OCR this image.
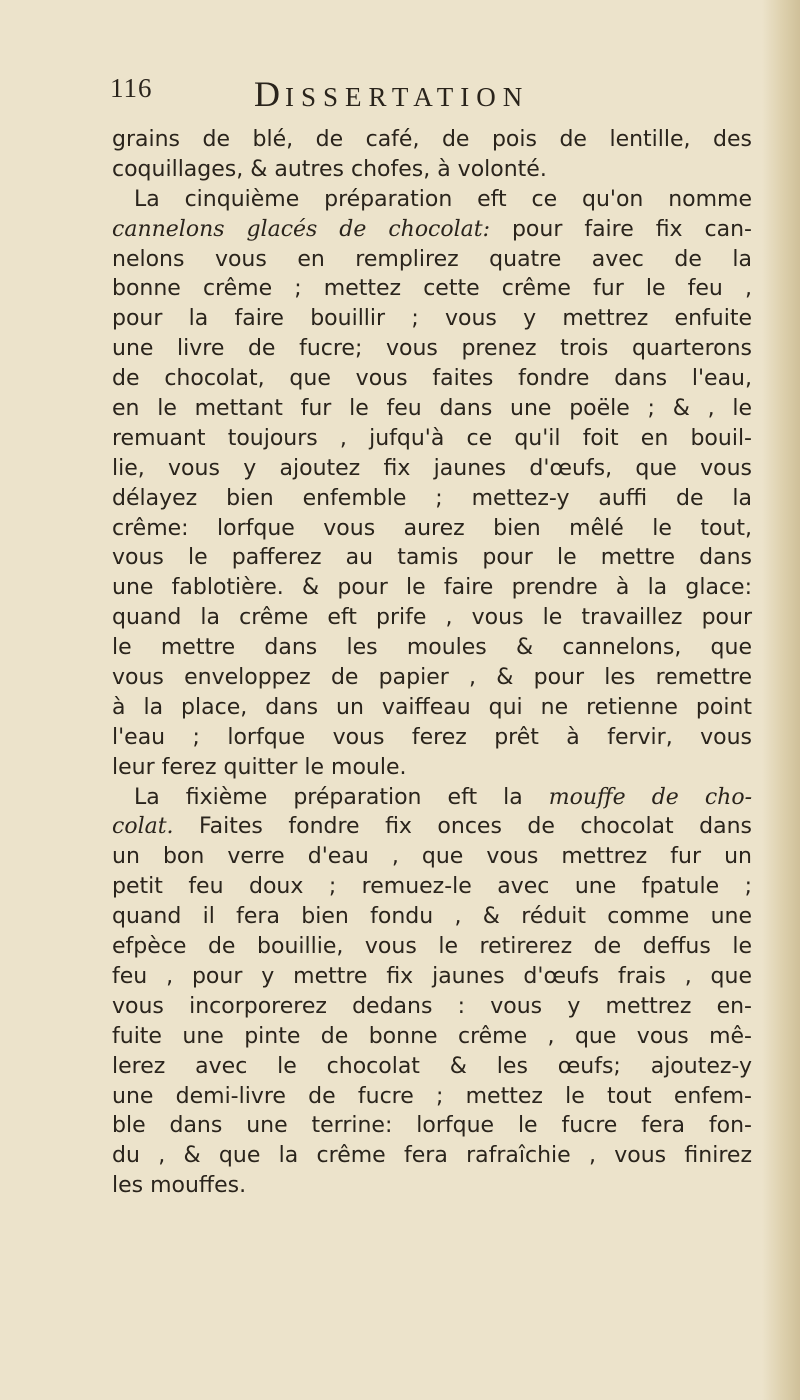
116	DISSERTATION
grains de blé, de café, de pois de lentille, des
coquillages, & autres chofes, à volonté.
La cinquième préparation eft ce qu'on nomme
cannelons glacés de chocolat: pour faire fix can-
nelons vous en remplirez quatre avec de la
bonne crême ; mettez cette crême fur le feu ,
pour la faire bouillir ; vous y mettrez enfuite
une livre de fucre; vous prenez trois quarterons
de chocolat, que vous faites fondre dans l'eau,
en le mettant fur le feu dans une poële ; & , le
remuant toujours , jufqu'à ce qu'il foit en bouil-
lie, vous y ajoutez fix jaunes d'œufs, que vous
délayez bien enfemble ; mettez-y auffi de la
crême: lorfque vous aurez bien mêlé le tout,
vous le pafferez au tamis pour le mettre dans
une fablotière. & pour le faire prendre à la glace:
quand la crême eft prife , vous le travaillez pour
le mettre dans les moules & cannelons, que
vous enveloppez de papier , & pour les remettre
à la place, dans un vaiffeau qui ne retienne point
l'eau ; lorfque vous ferez prêt à fervir, vous
leur ferez quitter le moule.
La fixième préparation eft la mouffe de cho-
colat. Faites fondre fix onces de chocolat dans
un bon verre d'eau , que vous mettrez fur un
petit feu doux ; remuez-le avec une fpatule ;
quand il fera bien fondu , & réduit comme une
efpèce de bouillie, vous le retirerez de deffus le
feu , pour y mettre fix jaunes d'œufs frais , que
vous incorporerez dedans : vous y mettrez en-
fuite une pinte de bonne crême , que vous mê-
lerez avec le chocolat & les œufs; ajoutez-y
une demi-livre de fucre ; mettez le tout enfem-
ble dans une terrine: lorfque le fucre fera fon-
du , & que la crême fera rafraîchie , vous finirez
les mouffes.
